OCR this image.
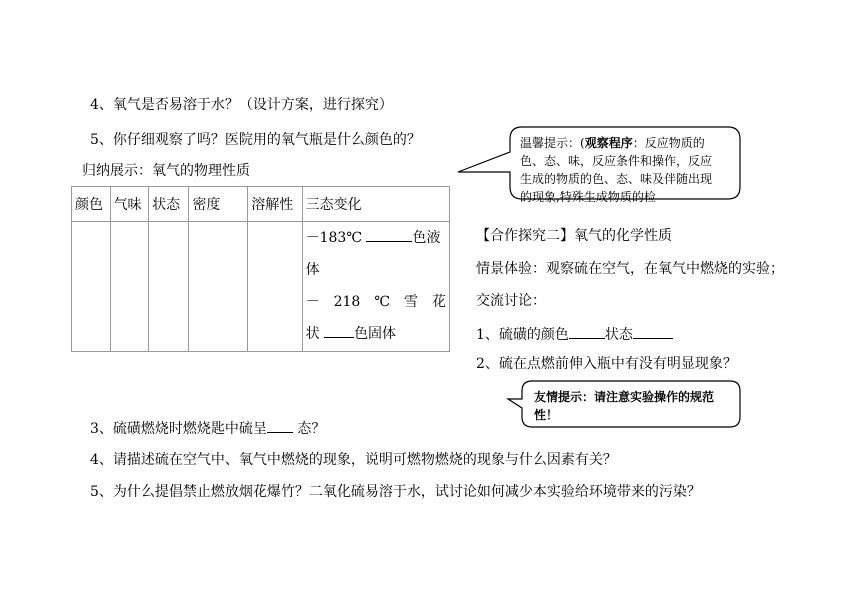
4、氧气是否易溶于水？（设计方案，进行探究）
5、你仔细观察了吗？医院用的氧气瓶是什么颜色的？
归纳展示：氧气的物理性质
颜色	气味	状态	密度	溶解性	三态变化

					－183℃ 色液
体
－　218　℃　雪　花
状 色固体
温馨提示：(观察程序：反应物质的色、态、味，反应条件和操作，反应生成的物质的色、态、味及伴随出现的现象,特殊生成物质的检
【合作探究二】氧气的化学性质
情景体验：观察硫在空气，在氧气中燃烧的实验；
交流讨论：
1、硫磺的颜色	状态
2、硫在点燃前伸入瓶中有没有明显现象？
友情提示：请注意实验操作的规范性！
3、硫磺燃烧时燃烧匙中硫呈 态？
4、请描述硫在空气中、氧气中燃烧的现象，说明可燃物燃烧的现象与什么因素有关？
5、为什么提倡禁止燃放烟花爆竹？二氧化硫易溶于水，试讨论如何减少本实验给环境带来的污染？
